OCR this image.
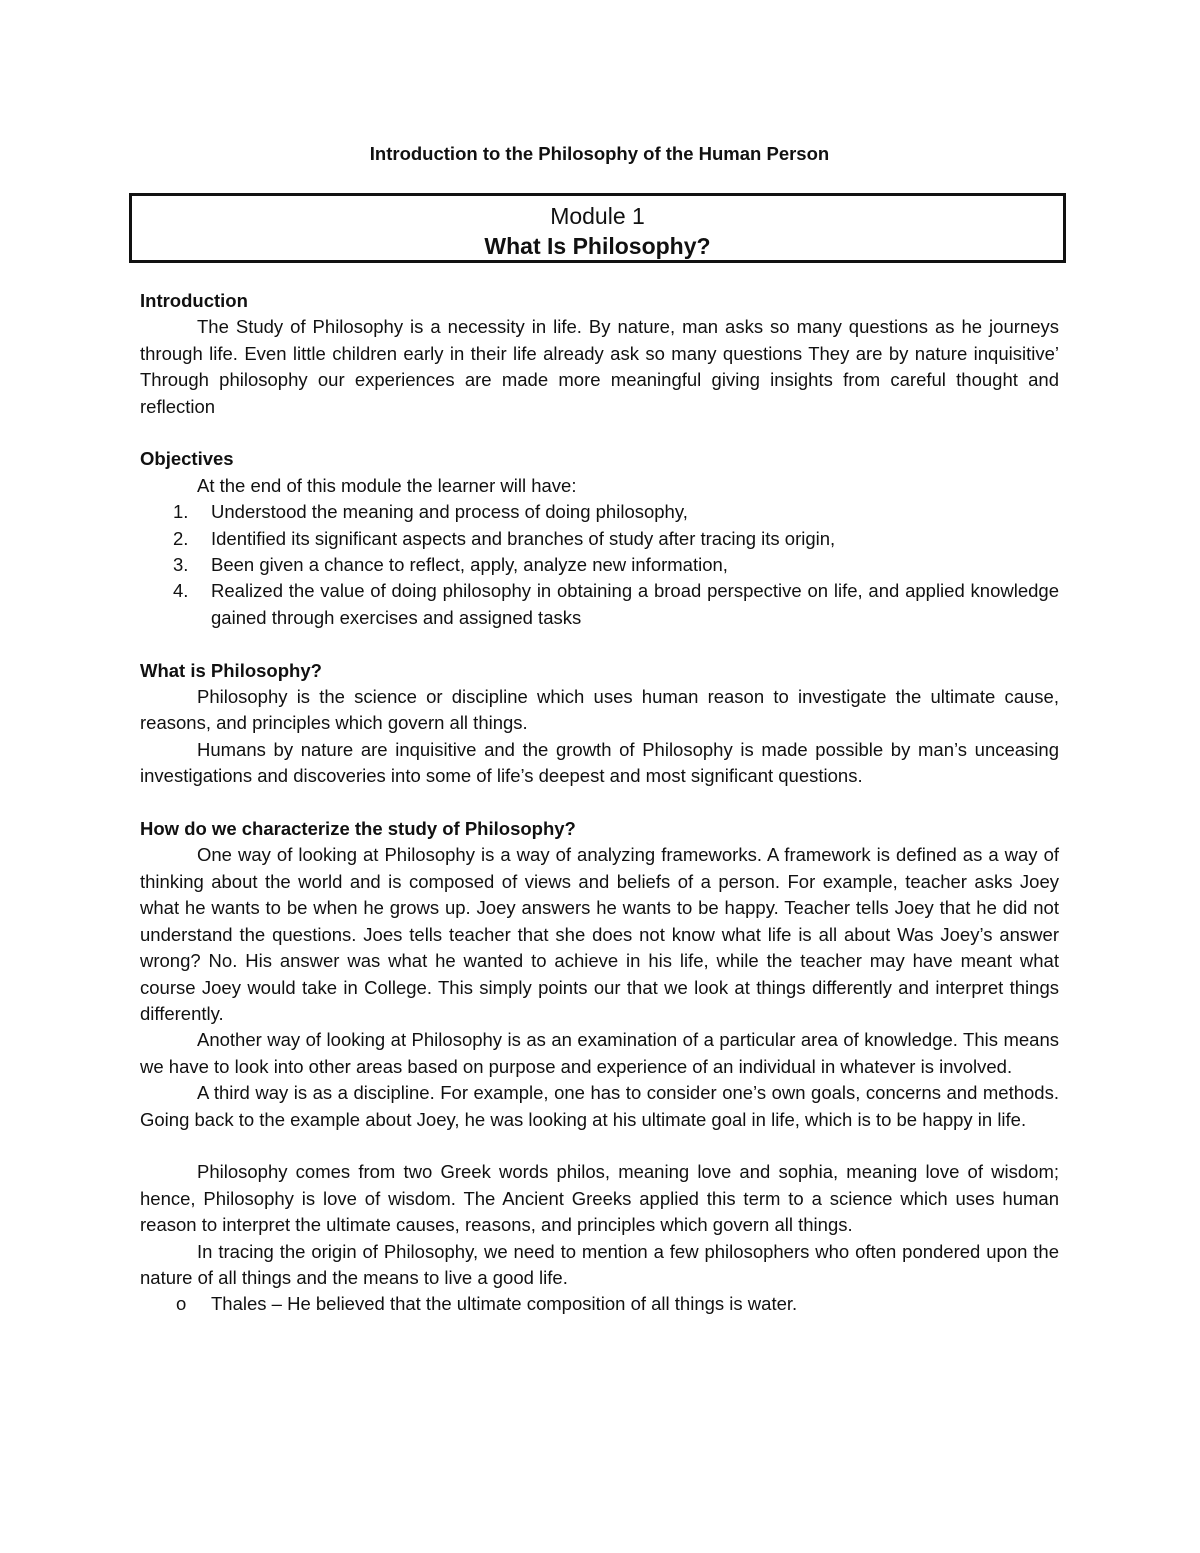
Introduction to the Philosophy of the Human Person
Module 1
What Is Philosophy?
Introduction

The Study of Philosophy is a necessity in life. By nature, man asks so many questions as he journeys through life. Even little children early in their life already ask so many questions They are by nature inquisitive’ Through philosophy our experiences are made more meaningful giving insights from careful thought and reflection

Objectives

At the end of this module the learner will have:

1. Understood the meaning and process of doing philosophy,
2. Identified its significant aspects and branches of study after tracing its origin,
3. Been given a chance to reflect, apply, analyze new information,
4. Realized the value of doing philosophy in obtaining a broad perspective on life, and applied knowledge gained through exercises and assigned tasks
What is Philosophy?

Philosophy is the science or discipline which uses human reason to investigate the ultimate cause, reasons, and principles which govern all things.

Humans by nature are inquisitive and the growth of Philosophy is made possible by man’s unceasing investigations and discoveries into some of life’s deepest and most significant questions.

How do we characterize the study of Philosophy?

One way of looking at Philosophy is a way of analyzing frameworks. A framework is defined as a way of thinking about the world and is composed of views and beliefs of a person. For example, teacher asks Joey what he wants to be when he grows up. Joey answers he wants to be happy. Teacher tells Joey that he did not understand the questions. Joes tells teacher that she does not know what life is all about Was Joey’s answer wrong? No. His answer was what he wanted to achieve in his life, while the teacher may have meant what course Joey would take in College. This simply points our that we look at things differently and interpret things differently.

Another way of looking at Philosophy is as an examination of a particular area of knowledge. This means we have to look into other areas based on purpose and experience of an individual in whatever is involved.

A third way is as a discipline. For example, one has to consider one’s own goals, concerns and methods. Going back to the example about Joey, he was looking at his ultimate goal in life, which is to be happy in life.

Philosophy comes from two Greek words philos, meaning love and sophia, meaning love of wisdom; hence, Philosophy is love of wisdom. The Ancient Greeks applied this term to a science which uses human reason to interpret the ultimate causes, reasons, and principles which govern all things.

In tracing the origin of Philosophy, we need to mention a few philosophers who often pondered upon the nature of all things and the means to live a good life.

o Thales – He believed that the ultimate composition of all things is water.
